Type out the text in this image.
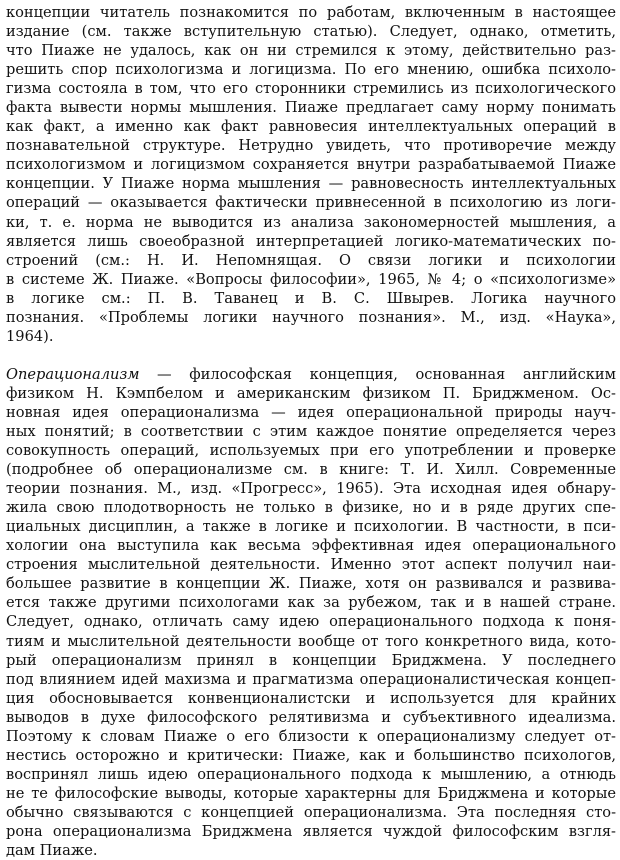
концепции читатель познакомится по работам, включенным в настоящее
издание (см. также вступительную статью). Следует, однако, отметить,
что Пиаже не удалось, как он ни стремился к этому, действительно раз-
решить спор психологизма и логицизма. По его мнению, ошибка психоло-
гизма состояла в том, что его сторонники стремились из психологического
факта вывести нормы мышления. Пиаже предлагает саму норму понимать
как факт, а именно как факт равновесия интеллектуальных операций в
познавательной структуре. Нетрудно увидеть, что противоречие между
психологизмом и логицизмом сохраняется внутри разрабатываемой Пиаже
концепции. У Пиаже норма мышления — равновесность интеллектуальных
операций — оказывается фактически привнесенной в психологию из логи-
ки, т. е. норма не выводится из анализа закономерностей мышления, а
является лишь своеобразной интерпретацией логико-математических по-
строений (см.: Н. И. Непомнящая. О связи логики и психологии
в системе Ж. Пиаже. «Вопросы философии», 1965, № 4; о «психологизме»
в логике см.: П. В. Таванец и В. С. Швырев. Логика научного
познания. «Проблемы логики научного познания». М., изд. «Наука»,
1964).
Операционализм — философская концепция, основанная английским
физиком Н. Кэмпбелом и американским физиком П. Бриджменом. Ос-
новная идея операционализма — идея операциональной природы науч-
ных понятий; в соответствии с этим каждое понятие определяется через
совокупность операций, используемых при его употреблении и проверке
(подробнее об операционализме см. в книге: Т. И. Хилл. Современные
теории познания. М., изд. «Прогресс», 1965). Эта исходная идея обнару-
жила свою плодотворность не только в физике, но и в ряде других спе-
циальных дисциплин, а также в логике и психологии. В частности, в пси-
хологии она выступила как весьма эффективная идея операционального
строения мыслительной деятельности. Именно этот аспект получил наи-
большее развитие в концепции Ж. Пиаже, хотя он развивался и развива-
ется также другими психологами как за рубежом, так и в нашей стране.
Следует, однако, отличать саму идею операционального подхода к поня-
тиям и мыслительной деятельности вообще от того конкретного вида, кото-
рый операционализм принял в концепции Бриджмена. У последнего
под влиянием идей махизма и прагматизма операционалистическая концеп-
ция обосновывается конвенционалистски и используется для крайних
выводов в духе философского релятивизма и субъективного идеализма.
Поэтому к словам Пиаже о его близости к операционализму следует от-
нестись осторожно и критически: Пиаже, как и большинство психологов,
воспринял лишь идею операционального подхода к мышлению, а отнюдь
не те философские выводы, которые характерны для Бриджмена и которые
обычно связываются с концепцией операционализма. Эта последняя сто-
рона операционализма Бриджмена является чуждой философским взгля-
дам Пиаже.
